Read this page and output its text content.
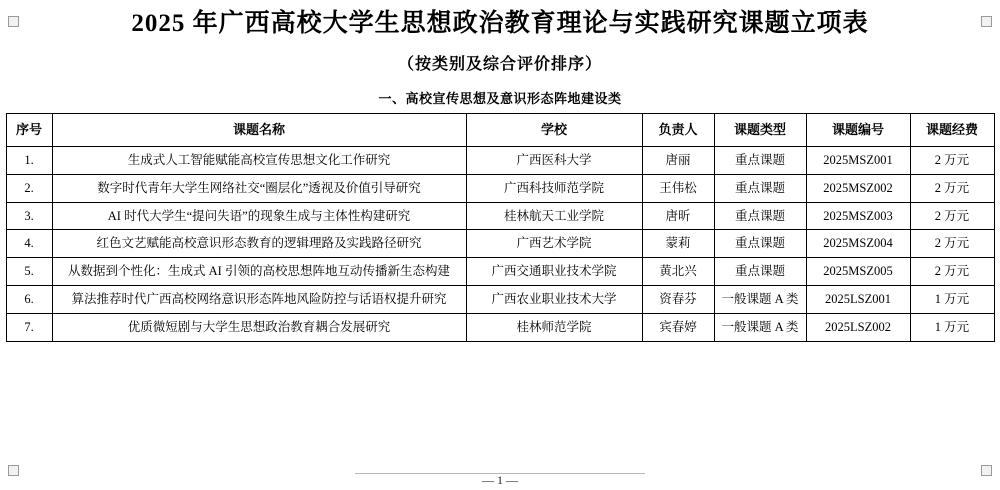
2025 年广西高校大学生思想政治教育理论与实践研究课题立项表
（按类别及综合评价排序）
一、高校宣传思想及意识形态阵地建设类
序号	课题名称	学校	负责人	课题类型	课题编号	课题经费
1.	生成式人工智能赋能高校宣传思想文化工作研究	广西医科大学	唐丽	重点课题	2025MSZ001	2 万元
2.	数字时代青年大学生网络社交“圈层化”透视及价值引导研究	广西科技师范学院	王伟松	重点课题	2025MSZ002	2 万元
3.	AI 时代大学生“提问失语”的现象生成与主体性构建研究	桂林航天工业学院	唐昕	重点课题	2025MSZ003	2 万元
4.	红色文艺赋能高校意识形态教育的逻辑理路及实践路径研究	广西艺术学院	蒙莉	重点课题	2025MSZ004	2 万元
5.	从数据到个性化：生成式 AI 引领的高校思想阵地互动传播新生态构建	广西交通职业技术学院	黄北兴	重点课题	2025MSZ005	2 万元
6.	算法推荐时代广西高校网络意识形态阵地风险防控与话语权提升研究	广西农业职业技术大学	资春芬	一般课题 A 类	2025LSZ001	1 万元
7.	优质微短剧与大学生思想政治教育耦合发展研究	桂林师范学院	宾春婷	一般课题 A 类	2025LSZ002	1 万元
— 1 —
